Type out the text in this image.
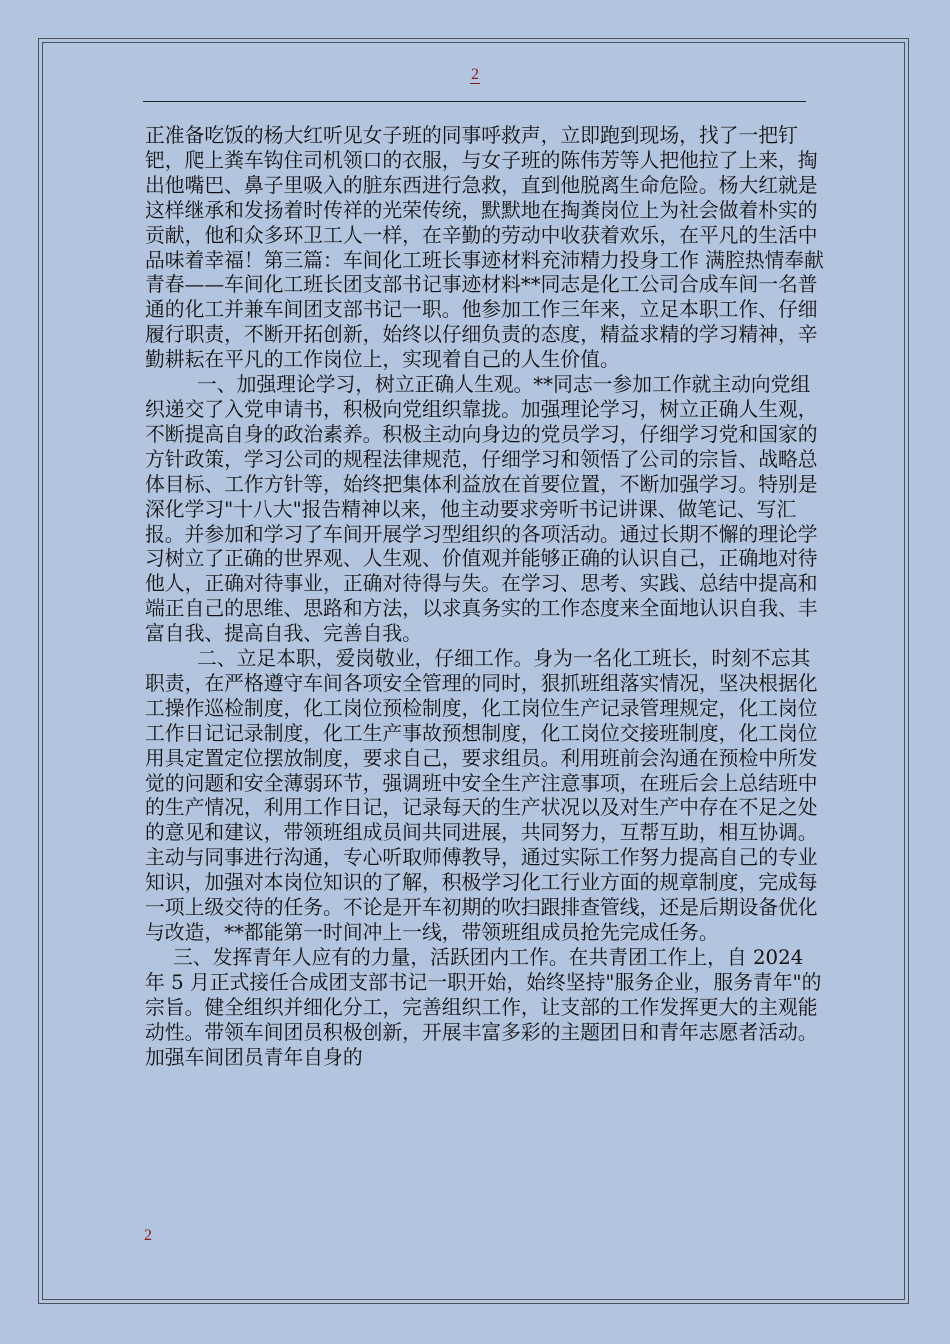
2

正准备吃饭的杨大红听见女子班的同事呼救声，立即跑到现场，找了一把钉钯，爬上粪车钩住司机领口的衣服，与女子班的陈伟芳等人把他拉了上来，掏出他嘴巴、鼻子里吸入的脏东西进行急救，直到他脱离生命危险。杨大红就是这样继承和发扬着时传祥的光荣传统，默默地在掏粪岗位上为社会做着朴实的贡献，他和众多环卫工人一样，在辛勤的劳动中收获着欢乐，在平凡的生活中品味着幸福！第三篇：车间化工班长事迹材料充沛精力投身工作 满腔热情奉献青春——车间化工班长团支部书记事迹材料**同志是化工公司合成车间一名普通的化工并兼车间团支部书记一职。他参加工作三年来，立足本职工作、仔细履行职责，不断开拓创新，始终以仔细负责的态度，精益求精的学习精神，辛勤耕耘在平凡的工作岗位上，实现着自己的人生价值。

一、加强理论学习，树立正确人生观。**同志一参加工作就主动向党组织递交了入党申请书，积极向党组织靠拢。加强理论学习，树立正确人生观，不断提高自身的政治素养。积极主动向身边的党员学习，仔细学习党和国家的方针政策，学习公司的规程法律规范，仔细学习和领悟了公司的宗旨、战略总体目标、工作方针等，始终把集体利益放在首要位置，不断加强学习。特别是深化学习"十八大"报告精神以来，他主动要求旁听书记讲课、做笔记、写汇报。并参加和学习了车间开展学习型组织的各项活动。通过长期不懈的理论学习树立了正确的世界观、人生观、价值观并能够正确的认识自己，正确地对待他人，正确对待事业，正确对待得与失。在学习、思考、实践、总结中提高和端正自己的思维、思路和方法，以求真务实的工作态度来全面地认识自我、丰富自我、提高自我、完善自我。

二、立足本职，爱岗敬业，仔细工作。身为一名化工班长，时刻不忘其职责，在严格遵守车间各项安全管理的同时，狠抓班组落实情况，坚决根据化工操作巡检制度，化工岗位预检制度，化工岗位生产记录管理规定，化工岗位工作日记记录制度，化工生产事故预想制度，化工岗位交接班制度，化工岗位用具定置定位摆放制度，要求自己，要求组员。利用班前会沟通在预检中所发觉的问题和安全薄弱环节，强调班中安全生产注意事项，在班后会上总结班中的生产情况，利用工作日记，记录每天的生产状况以及对生产中存在不足之处的意见和建议，带领班组成员间共同进展，共同努力，互帮互助，相互协调。主动与同事进行沟通，专心听取师傅教导，通过实际工作努力提高自己的专业知识，加强对本岗位知识的了解，积极学习化工行业方面的规章制度，完成每一项上级交待的任务。不论是开车初期的吹扫跟排查管线，还是后期设备优化与改造，**都能第一时间冲上一线，带领班组成员抢先完成任务。

三、发挥青年人应有的力量，活跃团内工作。在共青团工作上，自 2024 年 5 月正式接任合成团支部书记一职开始，始终坚持"服务企业，服务青年"的宗旨。健全组织并细化分工，完善组织工作，让支部的工作发挥更大的主观能动性。带领车间团员积极创新，开展丰富多彩的主题团日和青年志愿者活动。加强车间团员青年自身的

2
